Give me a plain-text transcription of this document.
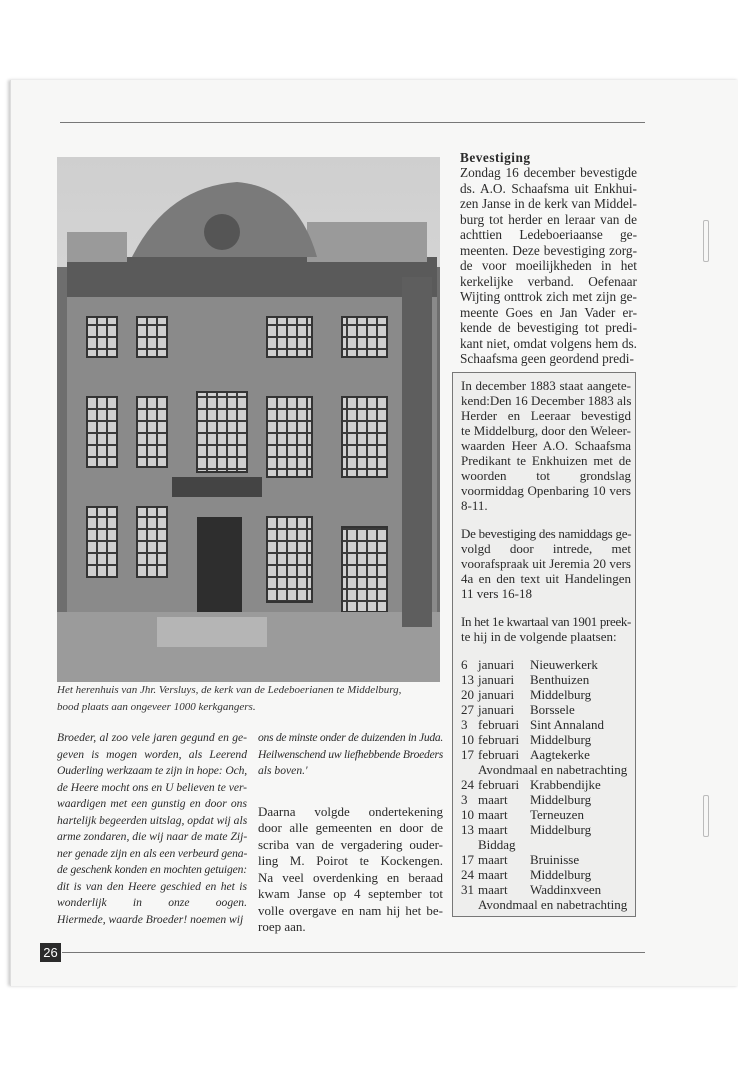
Het herenhuis van Jhr. Versluys, de kerk van de Ledeboerianen te Middelburg,
bood plaats aan ongeveer 1000 kerkgangers.
Bevestiging
Zondag 16 december bevestigde
ds. A.O. Schaafsma uit Enkhui-
zen Janse in de kerk van Middel-
burg tot herder en leraar van de
achttien Ledeboeriaanse ge-
meenten. Deze bevestiging zorg-
de voor moeilijkheden in het
kerkelijke verband. Oefenaar
Wijting onttrok zich met zijn ge-
meente Goes en Jan Vader er-
kende de bevestiging tot predi-
kant niet, omdat volgens hem ds.
Schaafsma geen geordend predi-
In december 1883 staat aangete-
kend:Den 16 December 1883 als
Herder en Leeraar bevestigd
te Middelburg, door den Weleer-
waarden Heer A.O. Schaafsma
Predikant te Enkhuizen met de
woorden tot grondslag
voormiddag Openbaring 10 vers
8-11.
De bevestiging des namiddags ge-
volgd door intrede, met
voorafspraak uit Jeremia 20 vers
4a en den text uit Handelingen
11 vers 16-18
In het 1e kwartaal van 1901 preek-
te hij in de volgende plaatsen:
6 januari	Nieuwerkerk
13 januari	Benthuizen
20 januari	Middelburg
27 januari	Borssele
3 februari Sint Annaland
10 februari Middelburg
17 februari Aagtekerke
Avondmaal en nabetrachting
24 februari Krabbendijke
3 maart	Middelburg
10 maart	Terneuzen
13 maart	Middelburg
Biddag
17 maart	Bruinisse
24 maart	Middelburg
31 maart	Waddinxveen
Avondmaal en nabetrachting
Broeder, al zoo vele jaren gegund en ge-
geven is mogen worden, als Leerend
Ouderling werkzaam te zijn in hope: Och,
de Heere mocht ons en U believen te ver-
waardigen met een gunstig en door ons
hartelijk begeerden uitslag, opdat wij als
arme zondaren, die wij naar de mate Zij-
ner genade zijn en als een verbeurd gena-
de geschenk konden en mochten getuigen:
dit is van den Heere geschied en het is
wonderlijk in onze oogen.
Hiermede, waarde Broeder! noemen wij
ons de minste onder de duizenden in Juda.
Heilwenschend uw liefhebbende Broeders
als boven.'
Daarna volgde ondertekening
door alle gemeenten en door de
scriba van de vergadering ouder-
ling M. Poirot te Kockengen.
Na veel overdenking en beraad
kwam Janse op 4 september tot
volle overgave en nam hij het be-
roep aan.
26
